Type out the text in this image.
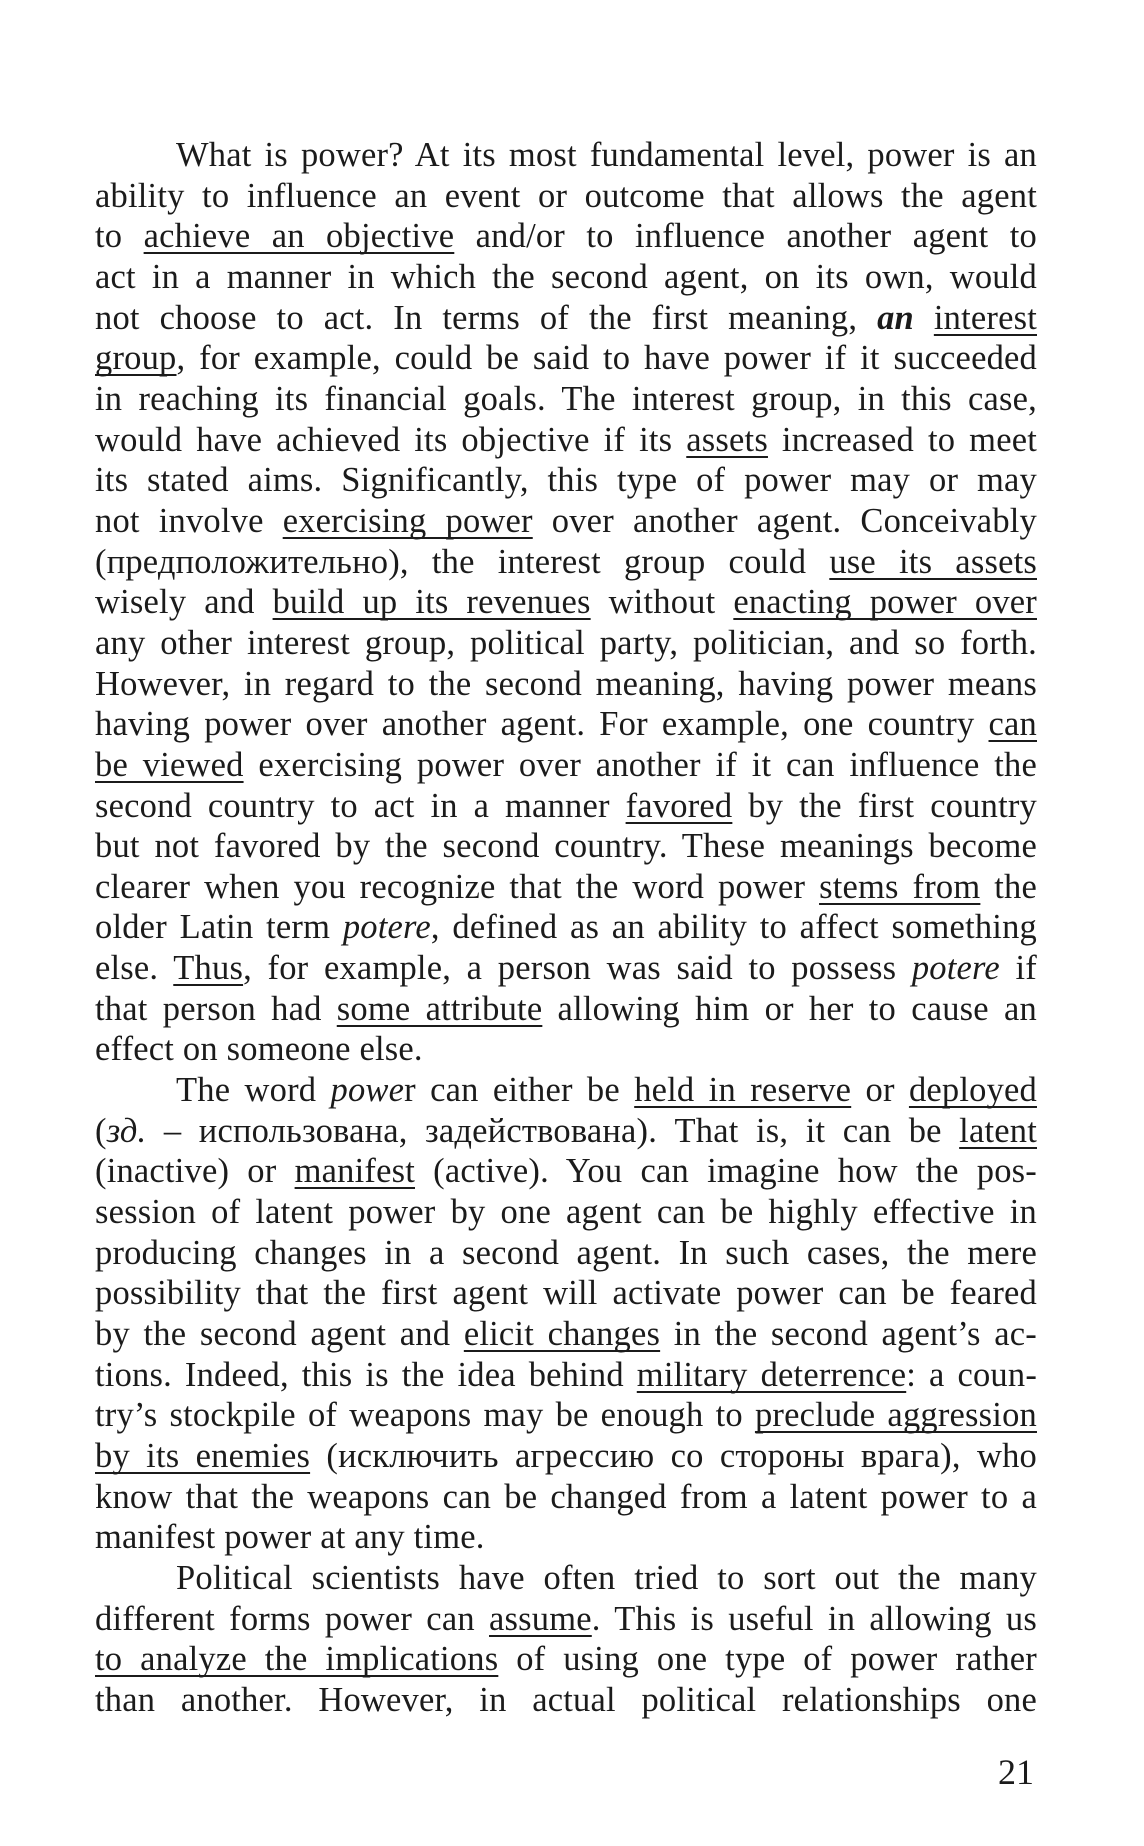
What is power? At its most fundamental level, power is an
ability to influence an event or outcome that allows the agent
to achieve an objective and/or to influence another agent to
act in a manner in which the second agent, on its own, would
not choose to act. In terms of the first meaning, an interest
group, for example, could be said to have power if it succeeded
in reaching its financial goals. The interest group, in this case,
would have achieved its objective if its assets increased to meet
its stated aims. Significantly, this type of power may or may
not involve exercising power over another agent. Conceivably
(предположительно), the interest group could use its assets
wisely and build up its revenues without enacting power over
any other interest group, political party, politician, and so forth.
However, in regard to the second meaning, having power means
having power over another agent. For example, one country can
be viewed exercising power over another if it can influence the
second country to act in a manner favored by the first country
but not favored by the second country. These meanings become
clearer when you recognize that the word power stems from the
older Latin term potere, defined as an ability to affect something
else. Thus, for example, a person was said to possess potere if
that person had some attribute allowing him or her to cause an
effect on someone else.
The word power can either be held in reserve or deployed
(зд. – использована, задействована). That is, it can be latent
(inactive) or manifest (active). You can imagine how the pos-
session of latent power by one agent can be highly effective in
producing changes in a second agent. In such cases, the mere
possibility that the first agent will activate power can be feared
by the second agent and elicit changes in the second agent’s ac-
tions. Indeed, this is the idea behind military deterrence: a coun-
try’s stockpile of weapons may be enough to preclude aggression
by its enemies (исключить агрессию со стороны врага), who
know that the weapons can be changed from a latent power to a
manifest power at any time.
Political scientists have often tried to sort out the many
different forms power can assume. This is useful in allowing us
to analyze the implications of using one type of power rather
than another. However, in actual political relationships one
21
